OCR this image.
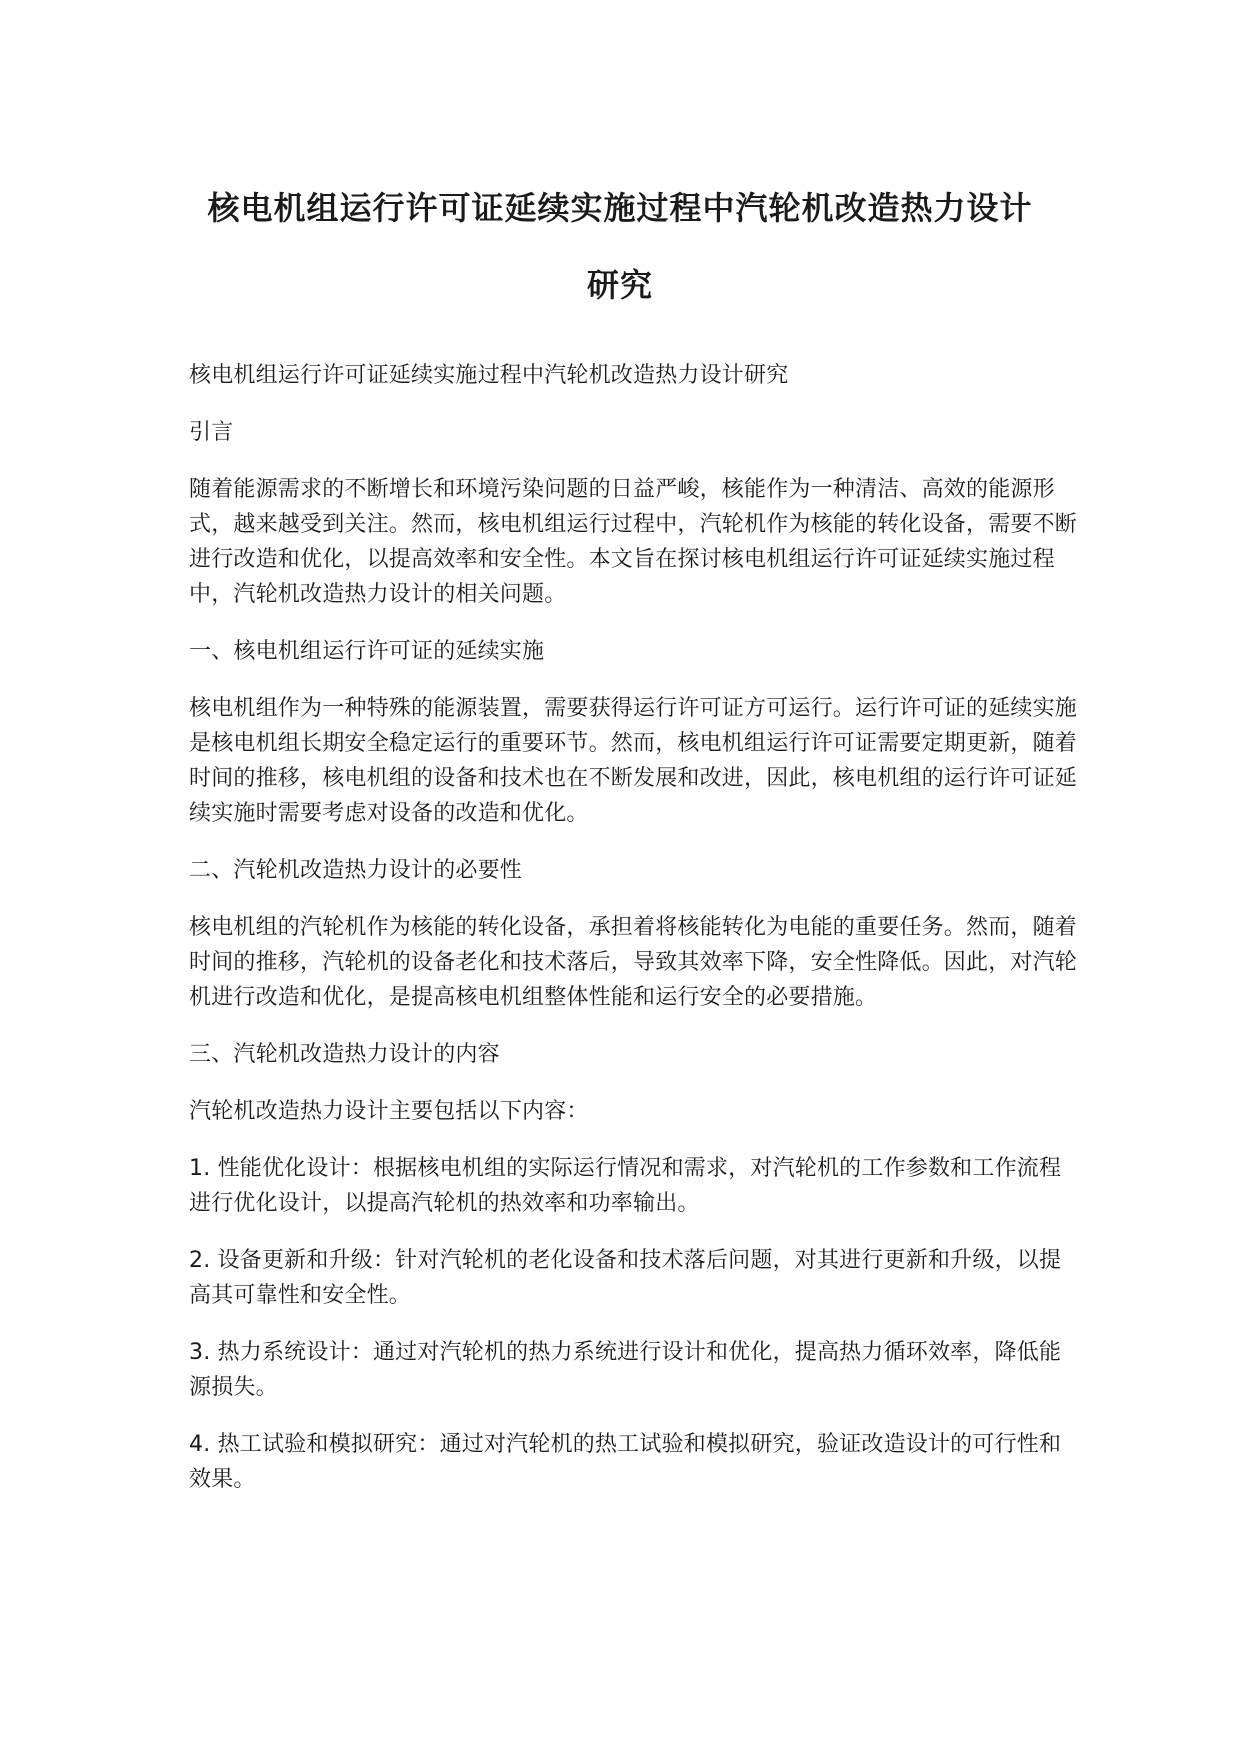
核电机组运行许可证延续实施过程中汽轮机改造热力设计
研究

核电机组运行许可证延续实施过程中汽轮机改造热力设计研究

引言

随着能源需求的不断增长和环境污染问题的日益严峻，核能作为一种清洁、高效的能源形式，越来越受到关注。然而，核电机组运行过程中，汽轮机作为核能的转化设备，需要不断进行改造和优化，以提高效率和安全性。本文旨在探讨核电机组运行许可证延续实施过程中，汽轮机改造热力设计的相关问题。

一、核电机组运行许可证的延续实施

核电机组作为一种特殊的能源装置，需要获得运行许可证方可运行。运行许可证的延续实施是核电机组长期安全稳定运行的重要环节。然而，核电机组运行许可证需要定期更新，随着时间的推移，核电机组的设备和技术也在不断发展和改进，因此，核电机组的运行许可证延续实施时需要考虑对设备的改造和优化。

二、汽轮机改造热力设计的必要性

核电机组的汽轮机作为核能的转化设备，承担着将核能转化为电能的重要任务。然而，随着时间的推移，汽轮机的设备老化和技术落后，导致其效率下降，安全性降低。因此，对汽轮机进行改造和优化，是提高核电机组整体性能和运行安全的必要措施。

三、汽轮机改造热力设计的内容

汽轮机改造热力设计主要包括以下内容：

1. 性能优化设计：根据核电机组的实际运行情况和需求，对汽轮机的工作参数和工作流程进行优化设计，以提高汽轮机的热效率和功率输出。

2. 设备更新和升级：针对汽轮机的老化设备和技术落后问题，对其进行更新和升级，以提高其可靠性和安全性。

3. 热力系统设计：通过对汽轮机的热力系统进行设计和优化，提高热力循环效率，降低能源损失。

4. 热工试验和模拟研究：通过对汽轮机的热工试验和模拟研究，验证改造设计的可行性和效果。
